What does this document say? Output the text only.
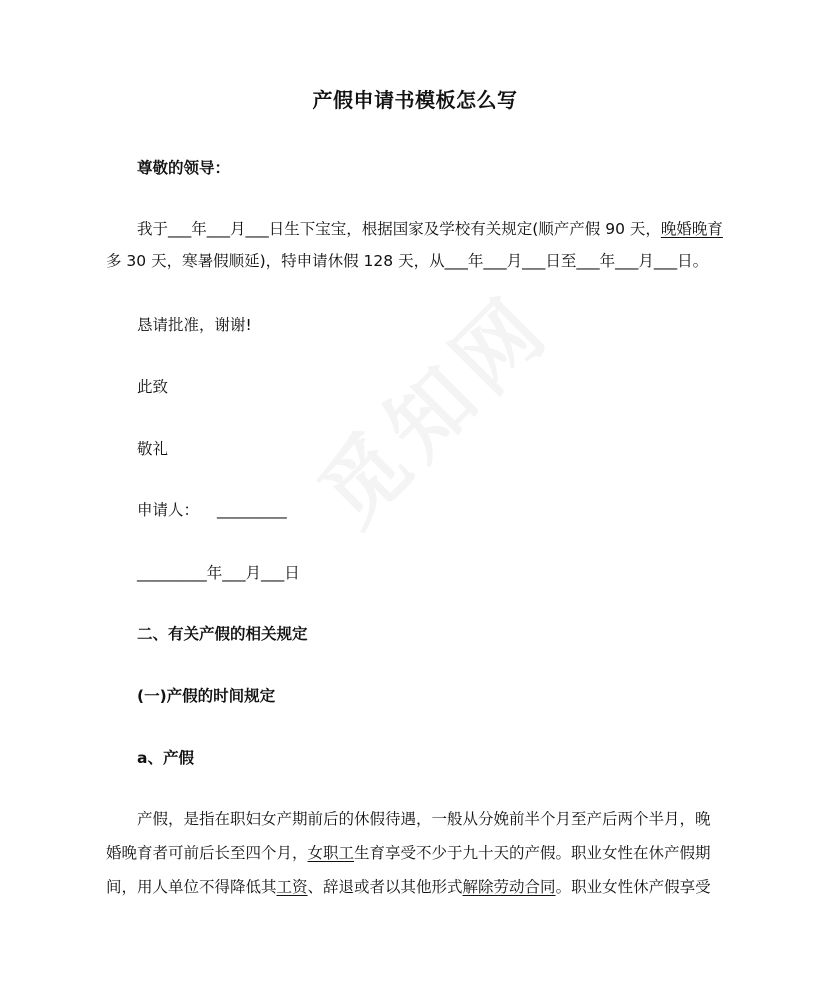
产假申请书模板怎么写
尊敬的领导：
我于___年___月___日生下宝宝，根据国家及学校有关规定(顺产产假 90 天，晚婚晚育
多 30 天，寒暑假顺延)，特申请休假 128 天，从___年___月___日至___年___月___日。
恳请批准，谢谢!
此致
敬礼
申请人： _________
_________年___月___日
二、有关产假的相关规定
(一)产假的时间规定
a、产假
产假，是指在职妇女产期前后的休假待遇，一般从分娩前半个月至产后两个半月，晚
婚晚育者可前后长至四个月，女职工生育享受不少于九十天的产假。职业女性在休产假期
间，用人单位不得降低其工资、辞退或者以其他形式解除劳动合同。职业女性休产假享受
